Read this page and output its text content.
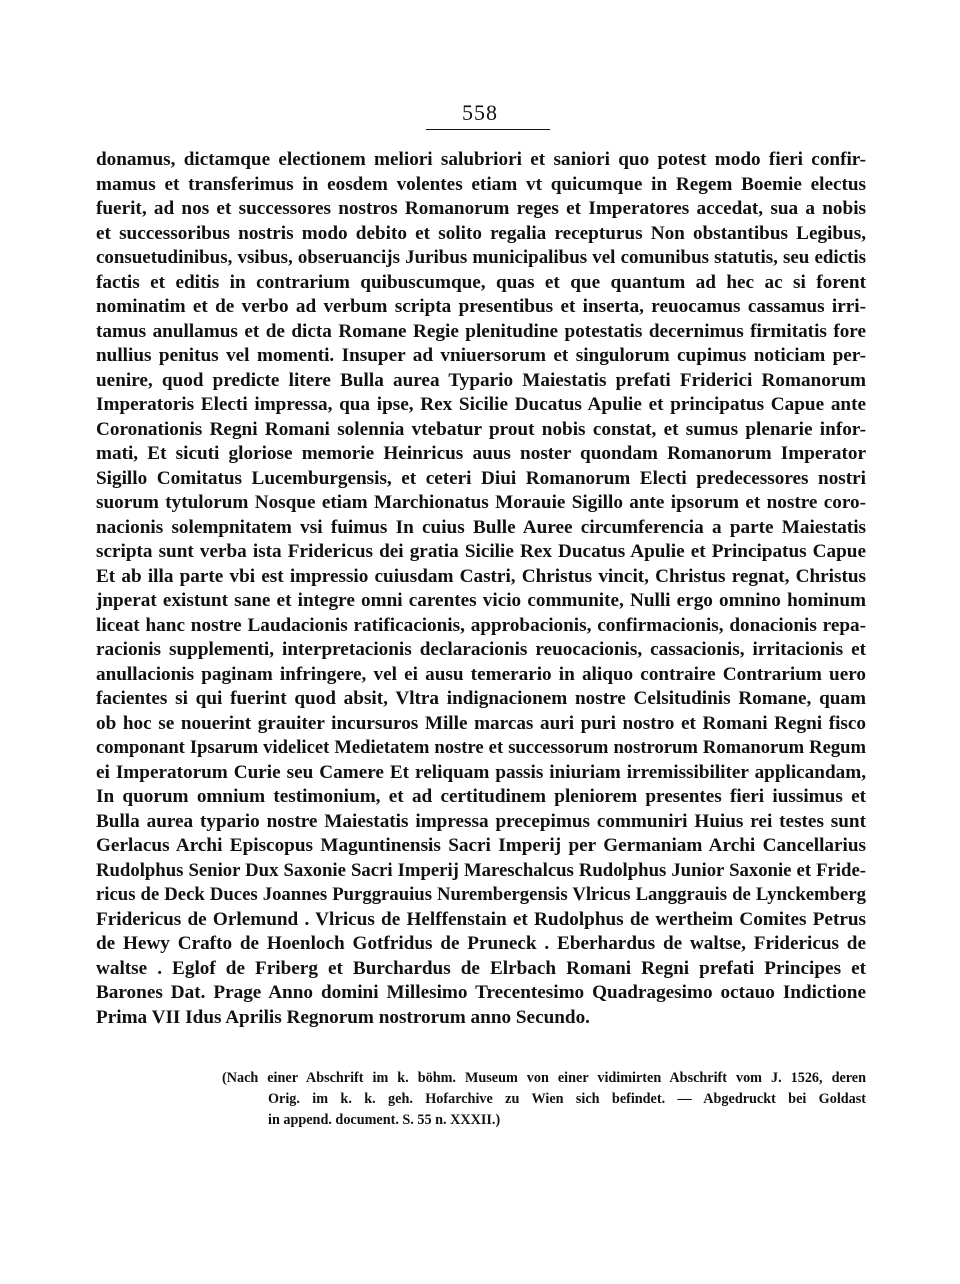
558
donamus, dictamque electionem meliori salubriori et saniori quo potest modo fieri confir-
mamus et transferimus in eosdem volentes etiam vt quicumque in Regem Boemie electus
fuerit, ad nos et successores nostros Romanorum reges et Imperatores accedat, sua a nobis
et successoribus nostris modo debito et solito regalia recepturus Non obstantibus Legibus,
consuetudinibus, vsibus, obseruancijs Juribus municipalibus vel comunibus statutis, seu edictis
factis et editis in contrarium quibuscumque, quas et que quantum ad hec ac si forent
nominatim et de verbo ad verbum scripta presentibus et inserta, reuocamus cassamus irri-
tamus anullamus et de dicta Romane Regie plenitudine potestatis decernimus firmitatis fore
nullius penitus vel momenti. Insuper ad vniuersorum et singulorum cupimus noticiam per-
uenire, quod predicte litere Bulla aurea Typario Maiestatis prefati Friderici Romanorum
Imperatoris Electi impressa, qua ipse, Rex Sicilie Ducatus Apulie et principatus Capue ante
Coronationis Regni Romani solennia vtebatur prout nobis constat, et sumus plenarie infor-
mati, Et sicuti gloriose memorie Heinricus auus noster quondam Romanorum Imperator
Sigillo Comitatus Lucemburgensis, et ceteri Diui Romanorum Electi predecessores nostri
suorum tytulorum Nosque etiam Marchionatus Morauie Sigillo ante ipsorum et nostre coro-
nacionis solempnitatem vsi fuimus In cuius Bulle Auree circumferencia a parte Maiestatis
scripta sunt verba ista Fridericus dei gratia Sicilie Rex Ducatus Apulie et Principatus Capue
Et ab illa parte vbi est impressio cuiusdam Castri, Christus vincit, Christus regnat, Christus
jnperat existunt sane et integre omni carentes vicio communite, Nulli ergo omnino hominum
liceat hanc nostre Laudacionis ratificacionis, approbacionis, confirmacionis, donacionis repa-
racionis supplementi, interpretacionis declaracionis reuocacionis, cassacionis, irritacionis et
anullacionis paginam infringere, vel ei ausu temerario in aliquo contraire Contrarium uero
facientes si qui fuerint quod absit, Vltra indignacionem nostre Celsitudinis Romane, quam
ob hoc se nouerint grauiter incursuros Mille marcas auri puri nostro et Romani Regni fisco
componant Ipsarum videlicet Medietatem nostre et successorum nostrorum Romanorum Regum
ei Imperatorum Curie seu Camere Et reliquam passis iniuriam irremissibiliter applicandam,
In quorum omnium testimonium, et ad certitudinem pleniorem presentes fieri iussimus et
Bulla aurea typario nostre Maiestatis impressa precepimus communiri Huius rei testes sunt
Gerlacus Archi Episcopus Maguntinensis Sacri Imperij per Germaniam Archi Cancellarius
Rudolphus Senior Dux Saxonie Sacri Imperij Mareschalcus Rudolphus Junior Saxonie et Fride-
ricus de Deck Duces Joannes Purggrauius Nurembergensis Vlricus Langgrauis de Lynckemberg
Fridericus de Orlemund . Vlricus de Helffenstain et Rudolphus de wertheim Comites Petrus
de Hewy Crafto de Hoenloch Gotfridus de Pruneck . Eberhardus de waltse, Fridericus de
waltse . Eglof de Friberg et Burchardus de Elrbach Romani Regni prefati Principes et
Barones Dat. Prage Anno domini Millesimo Trecentesimo Quadragesimo octauo Indictione
Prima VII Idus Aprilis Regnorum nostrorum anno Secundo.
(Nach einer Abschrift im k. böhm. Museum von einer vidimirten Abschrift vom J. 1526, deren
Orig. im k. k. geh. Hofarchive zu Wien sich befindet. — Abgedruckt bei Goldast
in append. document. S. 55 n. XXXII.)
